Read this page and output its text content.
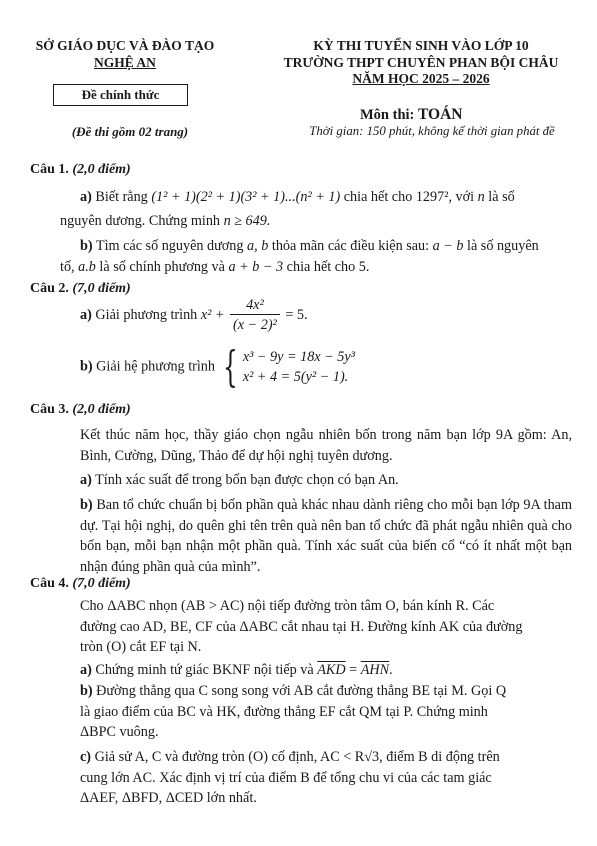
SỞ GIÁO DỤC VÀ ĐÀO TẠO
NGHỆ AN
Đề chính thức
(Đề thi gồm 02 trang)
KỲ THI TUYỂN SINH VÀO LỚP 10
TRƯỜNG THPT CHUYÊN PHAN BỘI CHÂU
NĂM HỌC 2025 – 2026
Môn thi: TOÁN
Thời gian: 150 phút, không kể thời gian phát đề
Câu 1. (2,0 điểm)
a) Biết rằng (1² + 1)(2² + 1)(3² + 1)...(n² + 1) chia hết cho 1297², với n là số
nguyên dương. Chứng minh n ≥ 649.
b) Tìm các số nguyên dương a, b thỏa mãn các điều kiện sau: a − b là số nguyên
tố, a.b là số chính phương và a + b − 3 chia hết cho 5.
Câu 2. (7,0 điểm)
a) Giải phương trình $x^2 + \frac{\text{4x²}}{\text{(x − 2)²}} = 5$.
b) Giải hệ phương trình { x³ − 9y = 18x − 5y³
x² + 4 = 5(y² − 1).
Câu 3. (2,0 điểm)
Kết thúc năm học, thầy giáo chọn ngẫu nhiên bốn trong năm bạn lớp 9A gồm: An, Bình, Cường, Dũng, Thảo để dự hội nghị tuyên dương.
a) Tính xác suất để trong bốn bạn được chọn có bạn An.
b) Ban tổ chức chuẩn bị bốn phần quà khác nhau dành riêng cho mỗi bạn lớp 9A tham dự. Tại hội nghị, do quên ghi tên trên quà nên ban tổ chức đã phát ngẫu nhiên quà cho bốn bạn, mỗi bạn nhận một phần quà. Tính xác suất của biến cố “có ít nhất một bạn nhận đúng phần quà của mình”.
Câu 4. (7,0 điểm)
Cho ΔABC nhọn (AB > AC) nội tiếp đường tròn tâm O, bán kính R. Các
đường cao AD, BE, CF của ΔABC cắt nhau tại H. Đường kính AK của đường
tròn (O) cắt EF tại N.
a) Chứng minh tứ giác BKNF nội tiếp và $\overline{AKD} = \overline{AHN}$.
b) Đường thẳng qua C song song với AB cắt đường thẳng BE tại M. Gọi Q
là giao điểm của BC và HK, đường thẳng EF cắt QM tại P. Chứng minh
ΔBPC vuông.
c) Giả sử A, C và đường tròn (O) cố định, AC < R√3, điểm B di động trên
cung lớn AC. Xác định vị trí của điểm B để tổng chu vi của các tam giác
ΔAEF, ΔBFD, ΔCED lớn nhất.
